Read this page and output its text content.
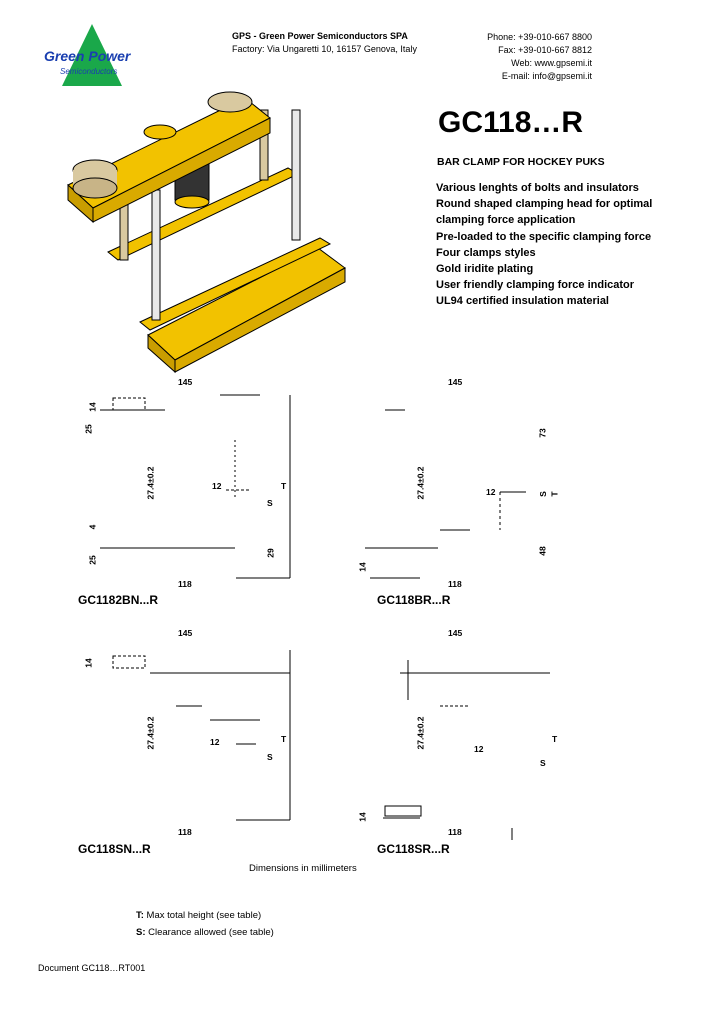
Green Power
Semiconductors
GPS - Green Power Semiconductors SPA
Factory: Via Ungaretti 10, 16157 Genova, Italy
Phone: +39-010-667 8800
Fax: +39-010-667 8812
Web: www.gpsemi.it
E-mail: info@gpsemi.it
GC118…R
BAR CLAMP FOR HOCKEY PUKS
Various lenghts of bolts and insulators
Round shaped clamping head for optimal
clamping force application
Pre-loaded to the specific clamping force
Four clamps styles
Gold iridite plating
User friendly clamping force indicator
UL94 certified insulation material
145
14
25
27.4±0.2	12	T
S
4
25
29
118
GC1182BN...R
145
73
27.4±0.2	12	S T
48
14
118
GC118BR...R
145
14
27.4±0.2	12	T
S
118
GC118SN...R
145
27.4±0.2	12
T
S
14
118
GC118SR...R
Dimensions in millimeters
T: Max total height (see table)
S: Clearance allowed (see table)
Document GC118…RT001
